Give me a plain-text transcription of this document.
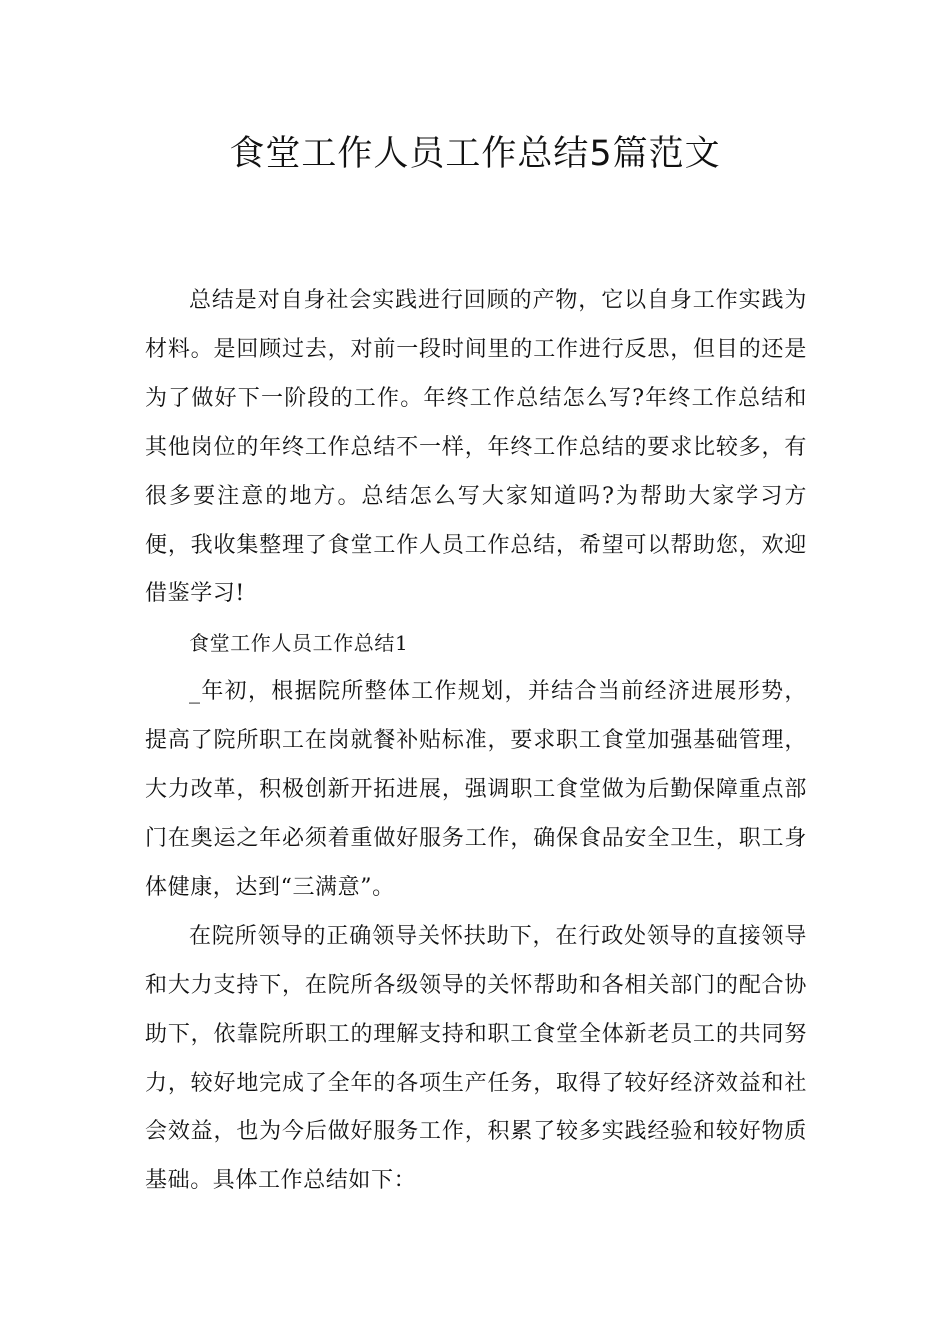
食堂工作人员工作总结5篇范文

总结是对自身社会实践进行回顾的产物，它以自身工作实践为材料。是回顾过去，对前一段时间里的工作进行反思，但目的还是为了做好下一阶段的工作。年终工作总结怎么写?年终工作总结和其他岗位的年终工作总结不一样，年终工作总结的要求比较多，有很多要注意的地方。总结怎么写大家知道吗?为帮助大家学习方便，我收集整理了食堂工作人员工作总结，希望可以帮助您，欢迎借鉴学习!

食堂工作人员工作总结1

_年初，根据院所整体工作规划，并结合当前经济进展形势，提高了院所职工在岗就餐补贴标准，要求职工食堂加强基础管理，大力改革，积极创新开拓进展，强调职工食堂做为后勤保障重点部门在奥运之年必须着重做好服务工作，确保食品安全卫生，职工身体健康，达到“三满意”。

在院所领导的正确领导关怀扶助下，在行政处领导的直接领导和大力支持下，在院所各级领导的关怀帮助和各相关部门的配合协助下，依靠院所职工的理解支持和职工食堂全体新老员工的共同努力，较好地完成了全年的各项生产任务，取得了较好经济效益和社会效益，也为今后做好服务工作，积累了较多实践经验和较好物质基础。具体工作总结如下：
